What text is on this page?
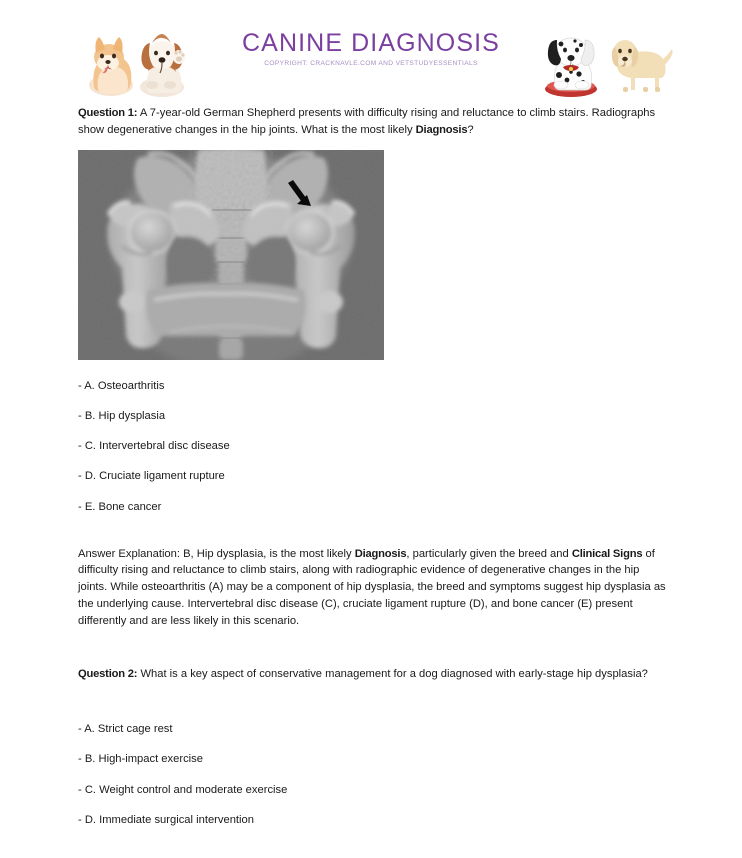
CANINE DIAGNOSIS
COPYRIGHT: CRACKNAVLE.COM AND VETSTUDYESSENTIALS

Question 1: A 7-year-old German Shepherd presents with difficulty rising and reluctance to climb stairs. Radiographs show degenerative changes in the hip joints. What is the most likely Diagnosis?

- A. Osteoarthritis

- B. Hip dysplasia

- C. Intervertebral disc disease

- D. Cruciate ligament rupture

- E. Bone cancer

Answer Explanation: B, Hip dysplasia, is the most likely Diagnosis, particularly given the breed and Clinical Signs of difficulty rising and reluctance to climb stairs, along with radiographic evidence of degenerative changes in the hip joints. While osteoarthritis (A) may be a component of hip dysplasia, the breed and symptoms suggest hip dysplasia as the underlying cause. Intervertebral disc disease (C), cruciate ligament rupture (D), and bone cancer (E) present differently and are less likely in this scenario.

Question 2: What is a key aspect of conservative management for a dog diagnosed with early-stage hip dysplasia?

- A. Strict cage rest

- B. High-impact exercise

- C. Weight control and moderate exercise

- D. Immediate surgical intervention
